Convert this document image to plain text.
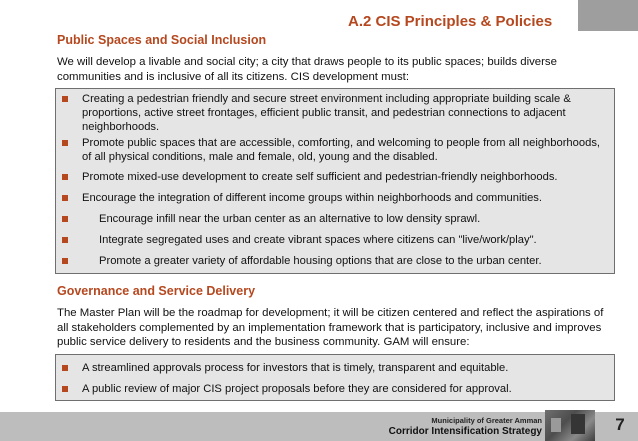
A.2 CIS Principles & Policies
Public Spaces and Social Inclusion
We will develop a livable and social city; a city that draws people to its public spaces; builds diverse communities and is inclusive of all its citizens. CIS development must:
Creating a pedestrian friendly and secure street environment including appropriate building scale & proportions, active street frontages, efficient public transit, and pedestrian connections to adjacent neighborhoods.
Promote public spaces that are accessible, comforting, and welcoming to people from all neighborhoods, of all physical conditions, male and female, old, young and the disabled.
Promote mixed-use development to create self sufficient and pedestrian-friendly neighborhoods.
Encourage the integration of different income groups within neighborhoods and communities.
Encourage infill near the urban center as an alternative to low density sprawl.
Integrate segregated uses and create vibrant spaces where citizens can "live/work/play".
Promote a greater variety of affordable housing options that are close to the urban center.
Governance and Service Delivery
The Master Plan will be the roadmap for development; it will be citizen centered and reflect the aspirations of all stakeholders complemented by an implementation framework that is participatory, inclusive and improves public service delivery to residents and the business community. GAM will ensure:
A streamlined approvals process for investors that is timely, transparent and equitable.
A public review of major CIS project proposals before they are considered for approval.
Municipality of Greater Amman
Corridor Intensification Strategy	7
